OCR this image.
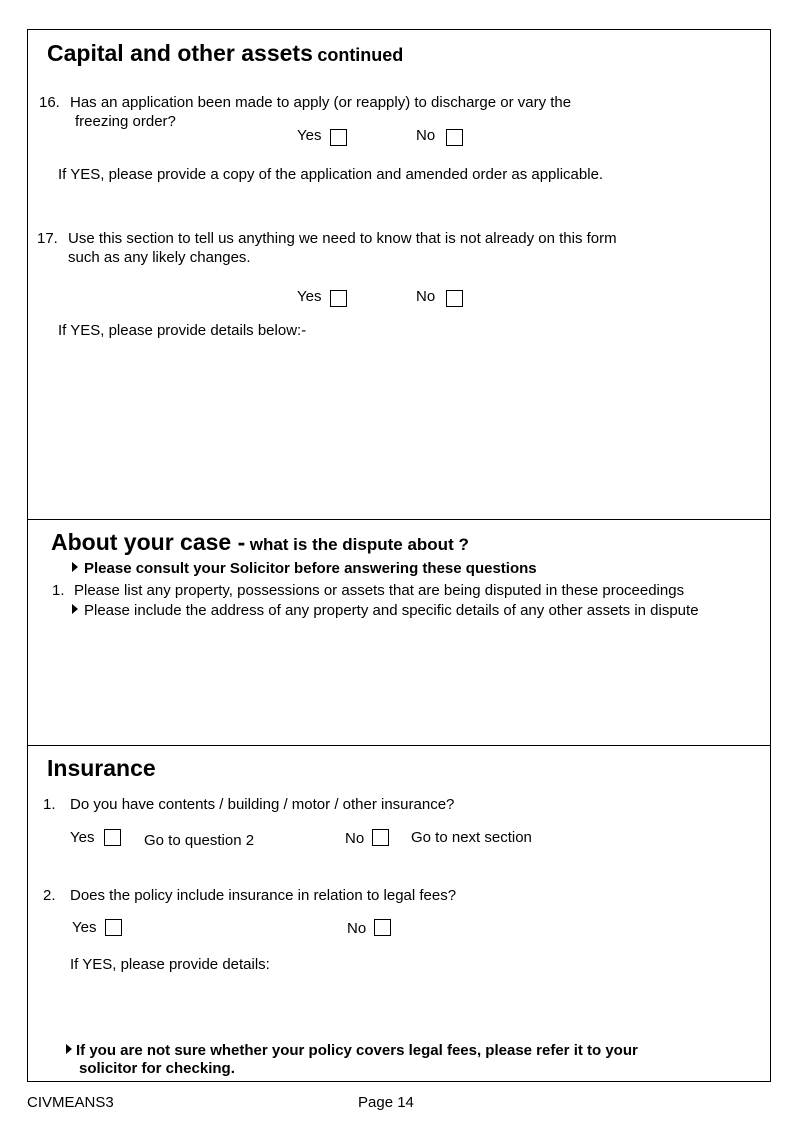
Capital and other assets continued
16. Has an application been made to apply (or reapply) to discharge or vary the
freezing order?
Yes	No
If YES, please provide a copy of the application and amended order as applicable.
17. Use this section to tell us anything we need to know that is not already on this form
such as any likely changes.
Yes	No
If YES, please provide details below:-
About your case - what is the dispute about ?
Please consult your Solicitor before answering these questions
1. Please list any property, possessions or assets that are being disputed in these proceedings
Please include the address of any property and specific details of any other assets in dispute
Insurance
1. Do you have contents / building / motor / other insurance?
Yes	Go to question 2	No	Go to next section
2. Does the policy include insurance in relation to legal fees?
Yes	No
If YES, please provide details:
If you are not sure whether your policy covers legal fees, please refer it to your
solicitor for checking.
CIVMEANS3	Page 14
